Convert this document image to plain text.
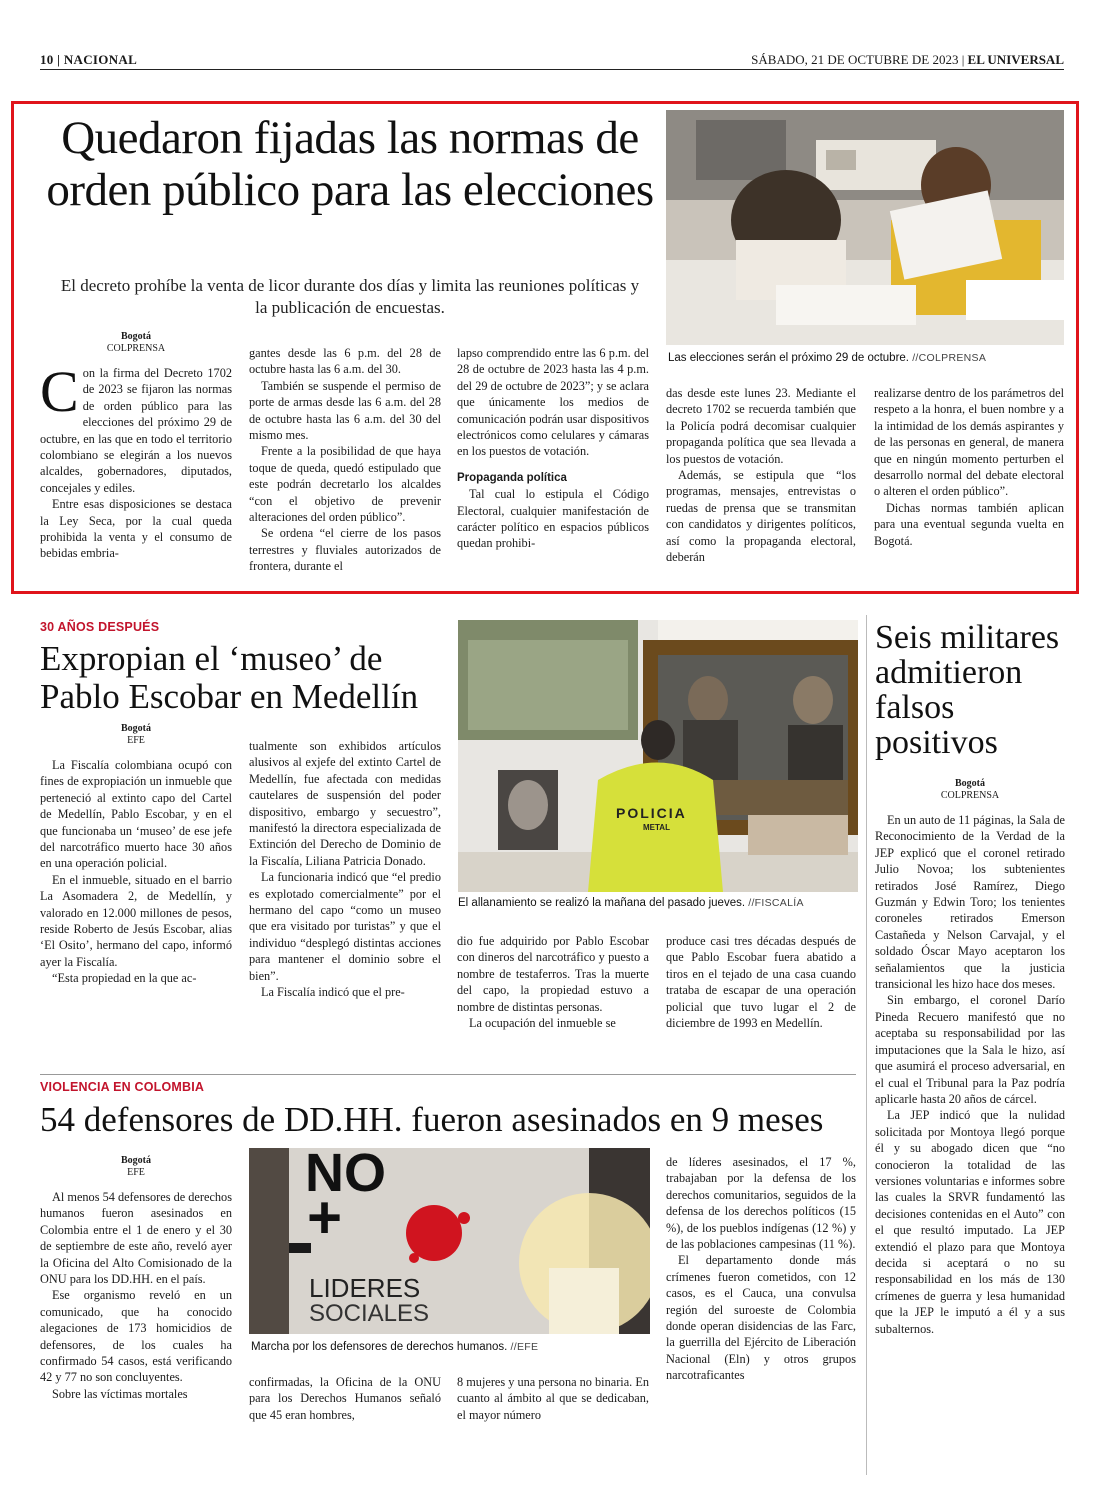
10 | NACIONAL	SÁBADO, 21 DE OCTUBRE DE 2023 | EL UNIVERSAL
Quedaron fijadas las normas de orden público para las elecciones
El decreto prohíbe la venta de licor durante dos días y limita las reuniones políticas y la publicación de encuestas.
Bogotá
COLPRENSA

Con la firma del Decreto 1702 de 2023 se fijaron las normas de orden público para las elecciones del próximo 29 de octubre, en las que en todo el territorio colombiano se elegirán a los nuevos alcaldes, gobernadores, diputados, concejales y ediles.

Entre esas disposiciones se destaca la Ley Seca, por la cual queda prohibida la venta y el consumo de bebidas embria-

gantes desde las 6 p.m. del 28 de octubre hasta las 6 a.m. del 30.

También se suspende el permiso de porte de armas desde las 6 a.m. del 28 de octubre hasta las 6 a.m. del 30 del mismo mes.

Frente a la posibilidad de que haya toque de queda, quedó estipulado que este podrán decretarlo los alcaldes “con el objetivo de prevenir alteraciones del orden público”.

Se ordena “el cierre de los pasos terrestres y fluviales autorizados de frontera, durante el

lapso comprendido entre las 6 p.m. del 28 de octubre de 2023 hasta las 4 p.m. del 29 de octubre de 2023”; y se aclara que únicamente los medios de comunicación podrán usar dispositivos electrónicos como celulares y cámaras en los puestos de votación.

Propaganda política

Tal cual lo estipula el Código Electoral, cualquier manifestación de carácter político en espacios públicos quedan prohibi-

Las elecciones serán el próximo 29 de octubre. //COLPRENSA

das desde este lunes 23. Mediante el decreto 1702 se recuerda también que la Policía podrá decomisar cualquier propaganda política que sea llevada a los puestos de votación.

Además, se estipula que “los programas, mensajes, entrevistas o ruedas de prensa que se transmitan con candidatos y dirigentes políticos, así como la propaganda electoral, deberán

realizarse dentro de los parámetros del respeto a la honra, el buen nombre y a la intimidad de los demás aspirantes y de las personas en general, de manera que en ningún momento perturben el desarrollo normal del debate electoral o alteren el orden público”.

Dichas normas también aplican para una eventual segunda vuelta en Bogotá.

30 AÑOS DESPUÉS
Expropian el ‘museo’ de Pablo Escobar en Medellín
Bogotá
EFE

La Fiscalía colombiana ocupó con fines de expropiación un inmueble que perteneció al extinto capo del Cartel de Medellín, Pablo Escobar, y en el que funcionaba un ‘museo’ de ese jefe del narcotráfico muerto hace 30 años en una operación policial.

En el inmueble, situado en el barrio La Asomadera 2, de Medellín, y valorado en 12.000 millones de pesos, reside Roberto de Jesús Escobar, alias ‘El Osito’, hermano del capo, informó ayer la Fiscalía.

“Esta propiedad en la que ac-

tualmente son exhibidos artículos alusivos al exjefe del extinto Cartel de Medellín, fue afectada con medidas cautelares de suspensión del poder dispositivo, embargo y secuestro”, manifestó la directora especializada de Extinción del Derecho de Dominio de la Fiscalía, Liliana Patricia Donado.

La funcionaria indicó que “el predio es explotado comercialmente” por el hermano del capo “como un museo que era visitado por turistas” y que el individuo “desplegó distintas acciones para mantener el dominio sobre el bien”.

La Fiscalía indicó que el pre-

POLICIA
METAL
El allanamiento se realizó la mañana del pasado jueves. //FISCALÍA

dio fue adquirido por Pablo Escobar con dineros del narcotráfico y puesto a nombre de testaferros. Tras la muerte del capo, la propiedad estuvo a nombre de distintas personas.

La ocupación del inmueble se

produce casi tres décadas después de que Pablo Escobar fuera abatido a tiros en el tejado de una casa cuando trataba de escapar de una operación policial que tuvo lugar el 2 de diciembre de 1993 en Medellín.

Seis militares admitieron falsos positivos
Bogotá
COLPRENSA

En un auto de 11 páginas, la Sala de Reconocimiento de la Verdad de la JEP explicó que el coronel retirado Julio Novoa; los subtenientes retirados José Ramírez, Diego Guzmán y Edwin Toro; los tenientes coroneles retirados Emerson Castañeda y Nelson Carvajal, y el soldado Óscar Mayo aceptaron los señalamientos que la justicia transicional les hizo hace dos meses.

Sin embargo, el coronel Darío Pineda Recuero manifestó que no aceptaba su responsabilidad por las imputaciones que la Sala le hizo, así que asumirá el proceso adversarial, en el cual el Tribunal para la Paz podría aplicarle hasta 20 años de cárcel.

La JEP indicó que la nulidad solicitada por Montoya llegó porque él y su abogado dicen que “no conocieron la totalidad de las versiones voluntarias e informes sobre las cuales la SRVR fundamentó las decisiones contenidas en el Auto” con el que resultó imputado. La JEP extendió el plazo para que Montoya decida si aceptará o no su responsabilidad en los más de 130 crímenes de guerra y lesa humanidad que la JEP le imputó a él y a sus subalternos.

VIOLENCIA EN COLOMBIA
54 defensores de DD.HH. fueron asesinados en 9 meses
Bogotá
EFE

Al menos 54 defensores de derechos humanos fueron asesinados en Colombia entre el 1 de enero y el 30 de septiembre de este año, reveló ayer la Oficina del Alto Comisionado de la ONU para los DD.HH. en el país.

Ese organismo reveló en un comunicado, que ha conocido alegaciones de 173 homicidios de defensores, de los cuales ha confirmado 54 casos, está verificando 42 y 77 no son concluyentes.

Sobre las víctimas mortales

NO
+
LIDERES
SOCIALES
Marcha por los defensores de derechos humanos. //EFE

confirmadas, la Oficina de la ONU para los Derechos Humanos señaló que 45 eran hombres,

8 mujeres y una persona no binaria. En cuanto al ámbito al que se dedicaban, el mayor número

de líderes asesinados, el 17 %, trabajaban por la defensa de los derechos comunitarios, seguidos de la defensa de los derechos políticos (15 %), de los pueblos indígenas (12 %) y de las poblaciones campesinas (11 %).

El departamento donde más crímenes fueron cometidos, con 12 casos, es el Cauca, una convulsa región del suroeste de Colombia donde operan disidencias de las Farc, la guerrilla del Ejército de Liberación Nacional (Eln) y otros grupos narcotraficantes
